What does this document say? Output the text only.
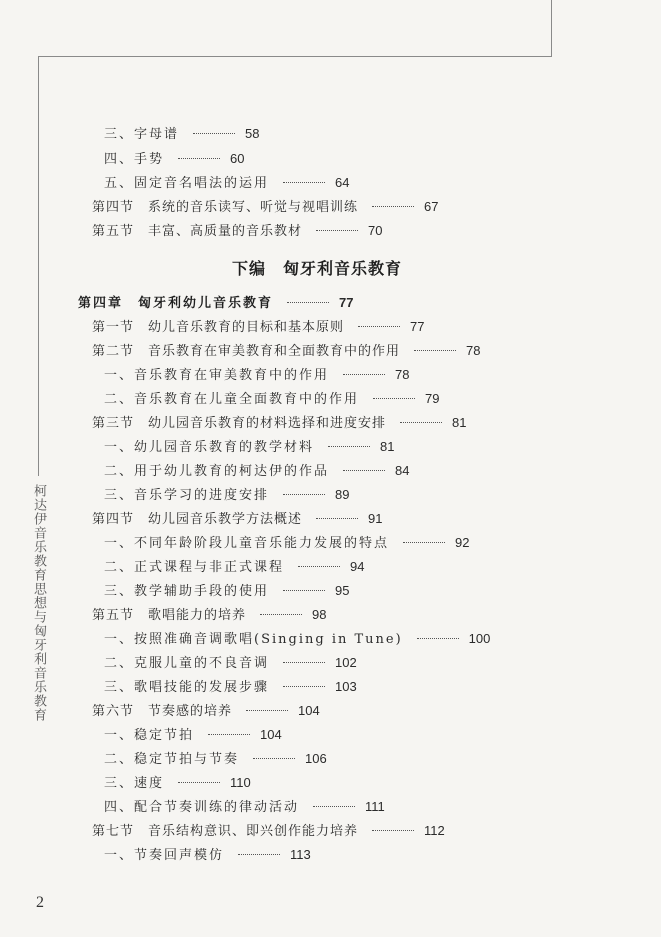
柯达伊音乐教育思想与匈牙利音乐教育
下编　匈牙利音乐教育
三、字母谱	58
四、手势	60
五、固定音名唱法的运用	64
第四节　系统的音乐读写、听觉与视唱训练	67
第五节　丰富、高质量的音乐教材	70
第四章　匈牙利幼儿音乐教育	77
第一节　幼儿音乐教育的目标和基本原则	77
第二节　音乐教育在审美教育和全面教育中的作用	78
一、音乐教育在审美教育中的作用	78
二、音乐教育在儿童全面教育中的作用	79
第三节　幼儿园音乐教育的材料选择和进度安排	81
一、幼儿园音乐教育的教学材料	81
二、用于幼儿教育的柯达伊的作品	84
三、音乐学习的进度安排	89
第四节　幼儿园音乐教学方法概述	91
一、不同年龄阶段儿童音乐能力发展的特点	92
二、正式课程与非正式课程	94
三、教学辅助手段的使用	95
第五节　歌唱能力的培养	98
一、按照准确音调歌唱(Singing in Tune)	100
二、克服儿童的不良音调	102
三、歌唱技能的发展步骤	103
第六节　节奏感的培养	104
一、稳定节拍	104
二、稳定节拍与节奏	106
三、速度	110
四、配合节奏训练的律动活动	111
第七节　音乐结构意识、即兴创作能力培养	112
一、节奏回声模仿	113
2
